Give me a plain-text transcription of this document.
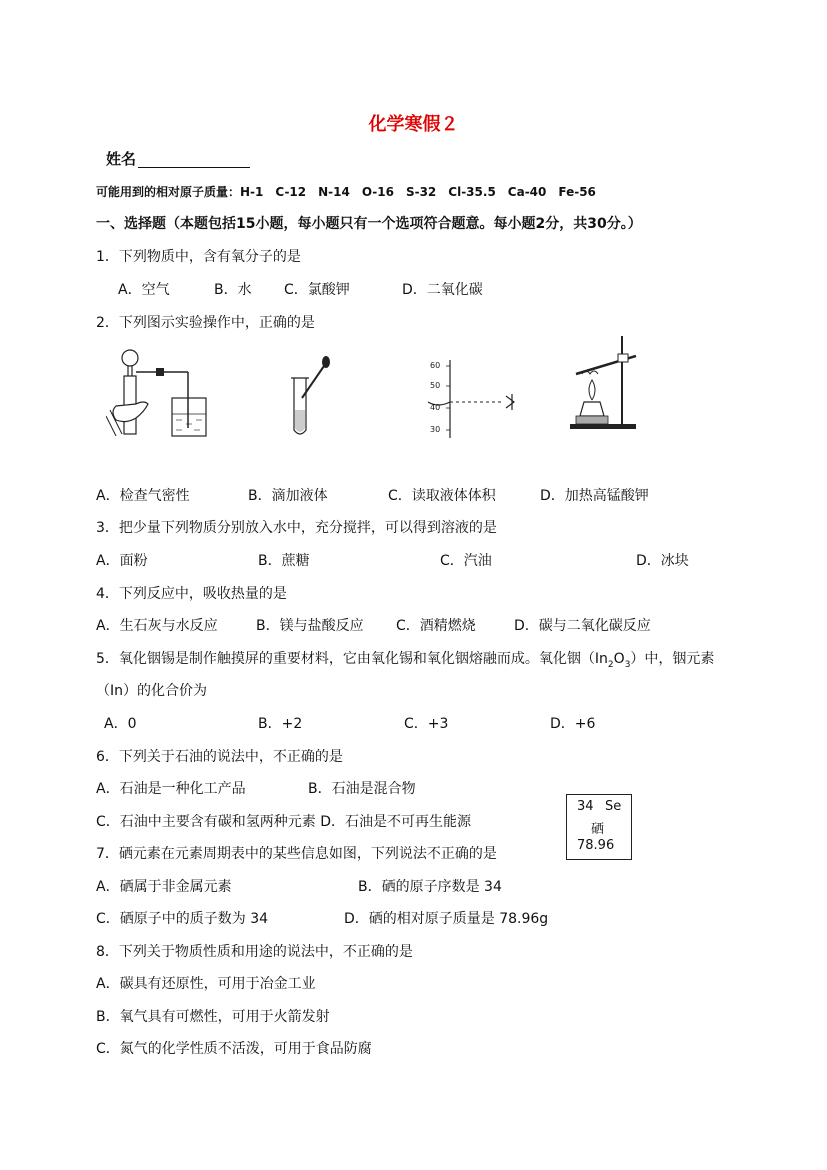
化学寒假２
姓名
可能用到的相对原子质量：H-1　C-12　N-14　O-16　S-32　Cl-35.5　Ca-40　Fe-56
一、选择题（本题包括15小题，每小题只有一个选项符合题意。每小题2分，共30分。）
1．下列物质中，含有氧分子的是
A．空气	B．水 C．氯酸钾	D．二氧化碳
2．下列图示实验操作中，正确的是
60
50
40
30
A．检查气密性	B．滴加液体	C．读取液体体积	D．加热高锰酸钾
3．把少量下列物质分别放入水中，充分搅拌，可以得到溶液的是
A．面粉	B．蔗糖	C．汽油	D．冰块
4．下列反应中，吸收热量的是
A．生石灰与水反应	B．镁与盐酸反应 C．酒精燃烧	D．碳与二氧化碳反应
5．氧化铟锡是制作触摸屏的重要材料，它由氧化锡和氧化铟熔融而成。氧化铟$(In_2O_3)$中，铟元素
（In）的化合价为
A．0	B．+2	C．+3	D．+6
6．下列关于石油的说法中，不正确的是
A．石油是一种化工产品	B．石油是混合物
C．石油中主要含有碳和氢两种元素 D．石油是不可再生能源
34 Se
硒
78.96
7．硒元素在元素周期表中的某些信息如图，下列说法不正确的是
A．硒属于非金属元素	B．硒的原子序数是 34
C．硒原子中的质子数为 34	D．硒的相对原子质量是 78.96g
8．下列关于物质性质和用途的说法中，不正确的是
A．碳具有还原性，可用于冶金工业
B．氧气具有可燃性，可用于火箭发射
C．氮气的化学性质不活泼，可用于食品防腐
